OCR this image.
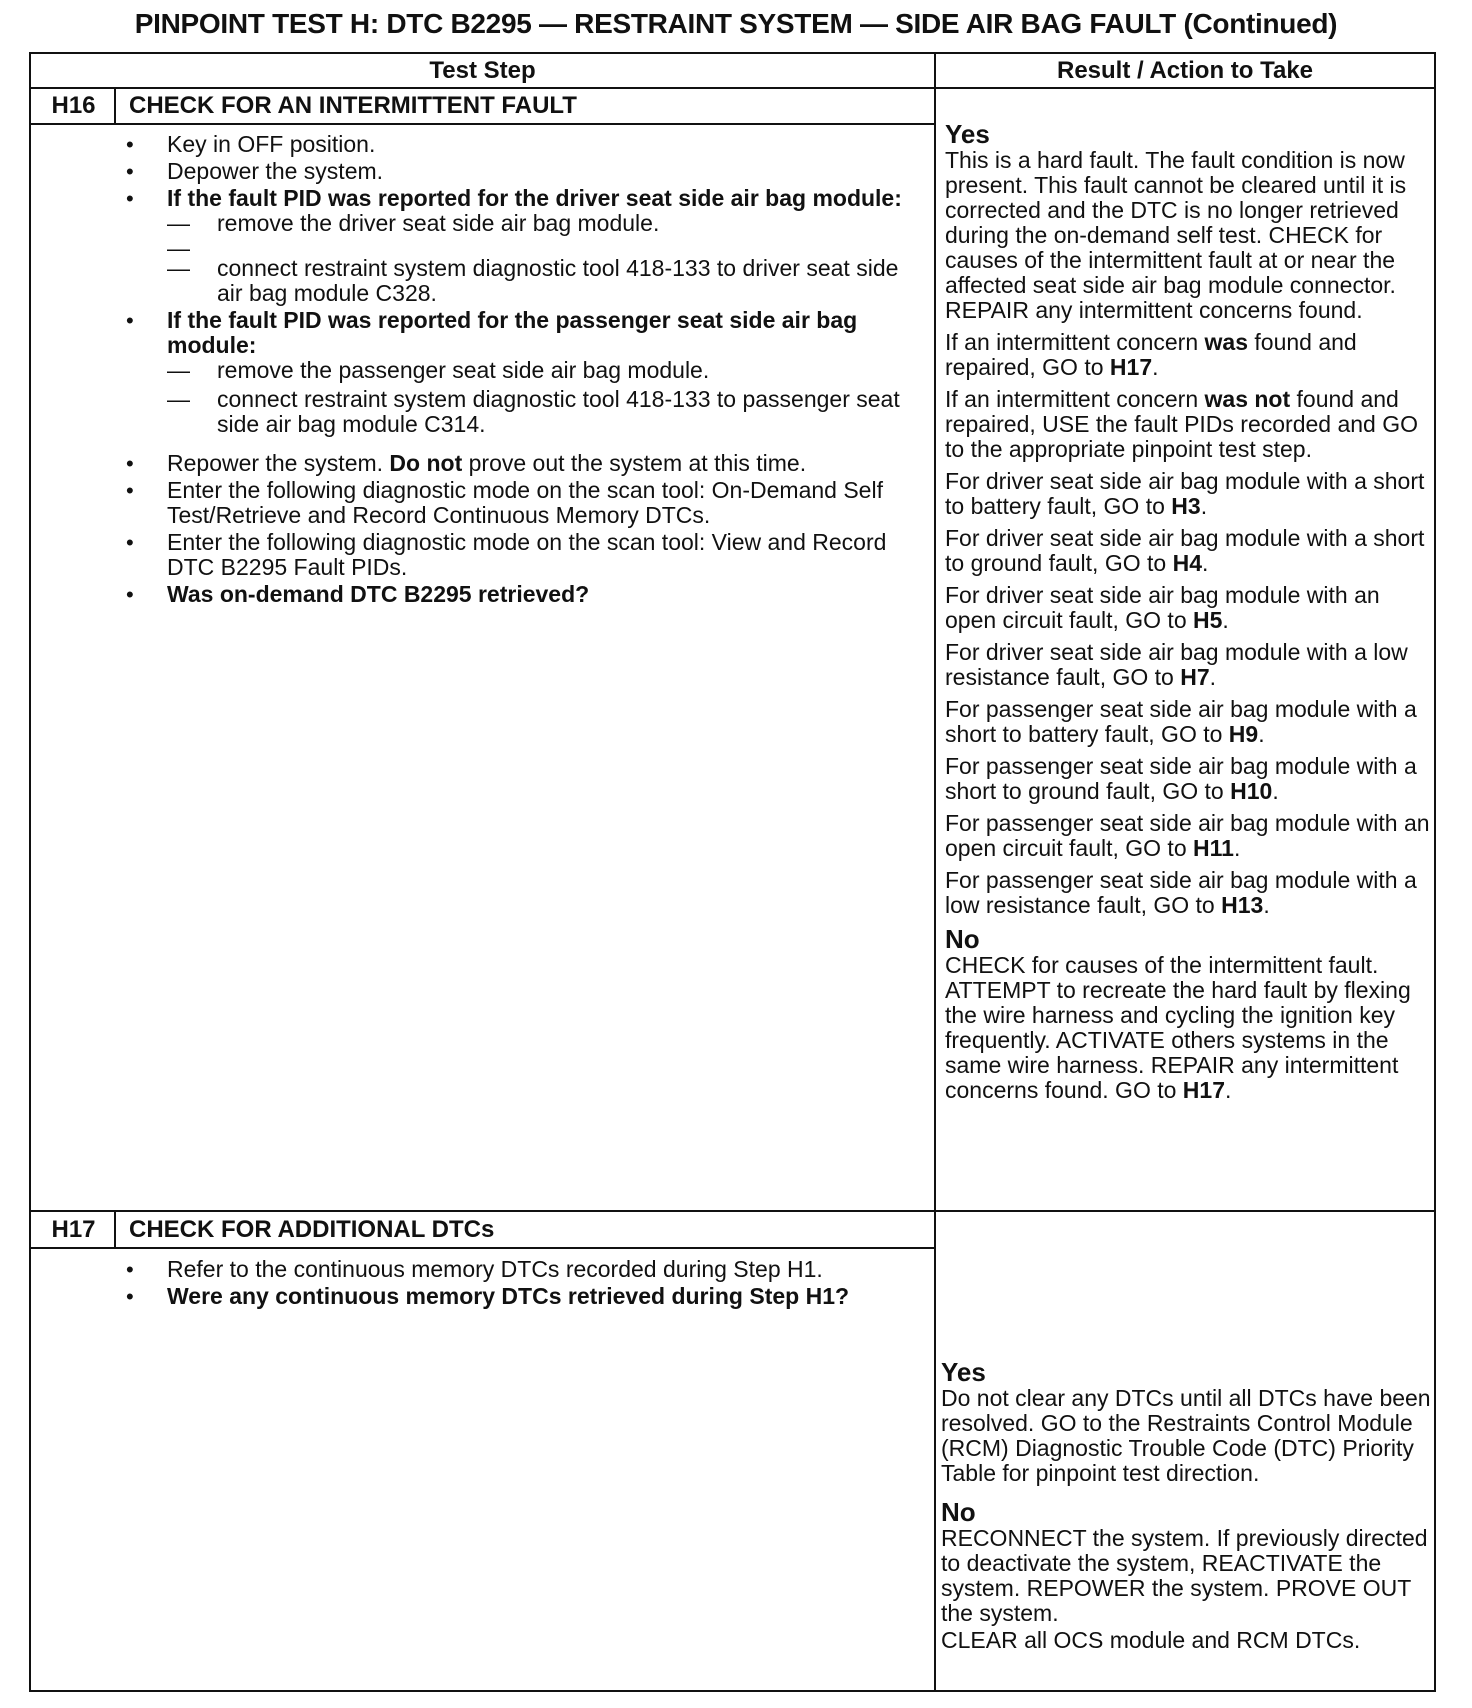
PINPOINT TEST H: DTC B2295 — RESTRAINT SYSTEM — SIDE AIR BAG FAULT (Continued)
Test Step	Result / Action to Take
H16	CHECK FOR AN INTERMITTENT FAULT
• Key in OFF position.
• Depower the system.
• If the fault PID was reported for the driver seat side air bag module:
— remove the driver seat side air bag module.
—
— connect restraint system diagnostic tool 418-133 to driver seat side air bag module C328.
• If the fault PID was reported for the passenger seat side air bag module:
— remove the passenger seat side air bag module.
— connect restraint system diagnostic tool 418-133 to passenger seat side air bag module C314.
• Repower the system. Do not prove out the system at this time.
• Enter the following diagnostic mode on the scan tool: On-Demand Self Test/Retrieve and Record Continuous Memory DTCs.
• Enter the following diagnostic mode on the scan tool: View and Record DTC B2295 Fault PIDs.
• Was on-demand DTC B2295 retrieved?
Yes

This is a hard fault. The fault condition is now present. This fault cannot be cleared until it is corrected and the DTC is no longer retrieved during the on-demand self test. CHECK for causes of the intermittent fault at or near the affected seat side air bag module connector. REPAIR any intermittent concerns found.

If an intermittent concern was found and repaired, GO to H17.

If an intermittent concern was not found and repaired, USE the fault PIDs recorded and GO to the appropriate pinpoint test step.

For driver seat side air bag module with a short to battery fault, GO to H3.

For driver seat side air bag module with a short to ground fault, GO to H4.

For driver seat side air bag module with an open circuit fault, GO to H5.

For driver seat side air bag module with a low resistance fault, GO to H7.

For passenger seat side air bag module with a short to battery fault, GO to H9.

For passenger seat side air bag module with a short to ground fault, GO to H10.

For passenger seat side air bag module with an open circuit fault, GO to H11.

For passenger seat side air bag module with a low resistance fault, GO to H13.

No

CHECK for causes of the intermittent fault. ATTEMPT to recreate the hard fault by flexing the wire harness and cycling the ignition key frequently. ACTIVATE others systems in the same wire harness. REPAIR any intermittent concerns found. GO to H17.

H17	CHECK FOR ADDITIONAL DTCs
• Refer to the continuous memory DTCs recorded during Step H1.
• Were any continuous memory DTCs retrieved during Step H1?
Yes

Do not clear any DTCs until all DTCs have been resolved. GO to the Restraints Control Module (RCM) Diagnostic Trouble Code (DTC) Priority Table for pinpoint test direction.

No

RECONNECT the system. If previously directed to deactivate the system, REACTIVATE the system. REPOWER the system. PROVE OUT the system.

CLEAR all OCS module and RCM DTCs.
